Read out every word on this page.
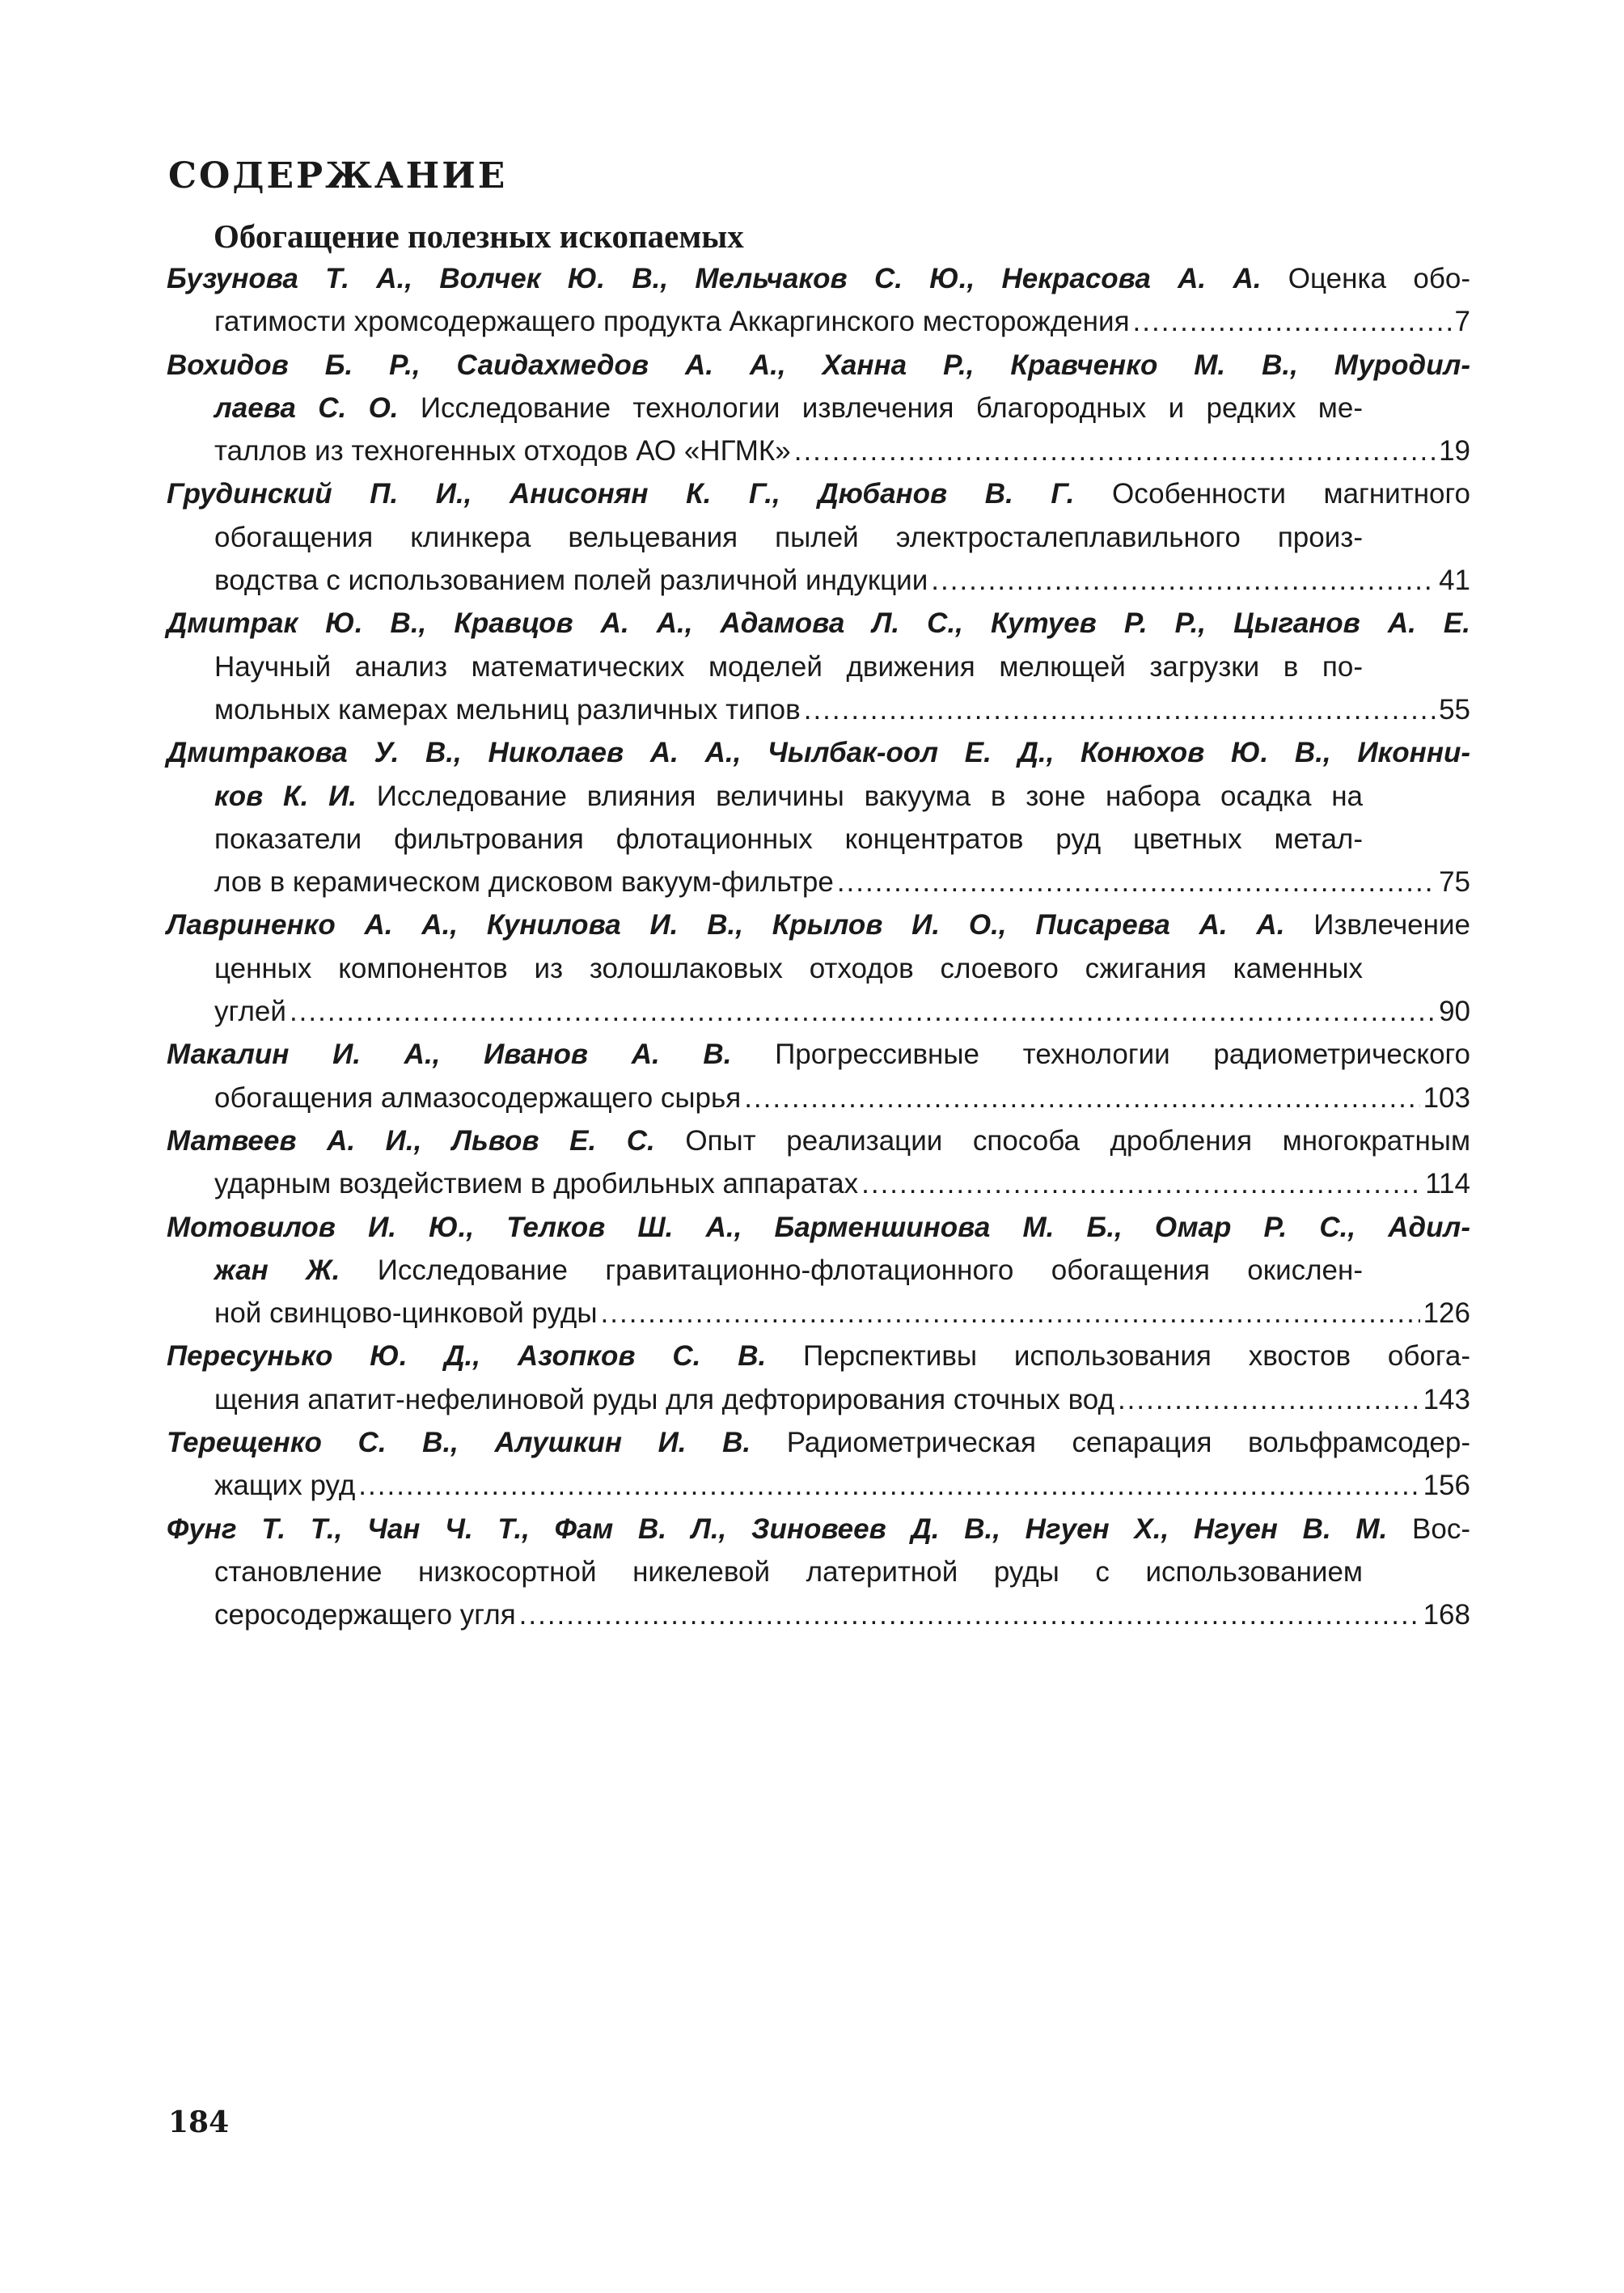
СОДЕРЖАНИЕ
Обогащение полезных ископаемых
Бузунова Т. А., Волчек Ю. В., Мельчаков С. Ю., Некрасова А. А. Оценка обо-
гатимости хромсодержащего продукта Аккаргинского месторождения .....	7
Вохидов Б. Р., Саидахмедов А. А., Ханна Р., Кравченко М. В., Муродил-
лаева С. О. Исследование технологии извлечения благородных и редких ме-
таллов из техногенных отходов АО «НГМК» .....	19
Грудинский П. И., Анисонян К. Г., Дюбанов В. Г. Особенности магнитного
обогащения клинкера вельцевания пылей электросталеплавильного произ-
водства с использованием полей различной индукции .....	41
Дмитрак Ю. В., Кравцов А. А., Адамова Л. С., Кутуев Р. Р., Цыганов А. Е.
Научный анализ математических моделей движения мелющей загрузки в по-
мольных камерах мельниц различных типов .....	55
Дмитракова У. В., Николаев А. А., Чылбак-оол Е. Д., Конюхов Ю. В., Иконни-
ков К. И. Исследование влияния величины вакуума в зоне набора осадка на
показатели фильтрования флотационных концентратов руд цветных метал-
лов в керамическом дисковом вакуум-фильтре .....	75
Лавриненко А. А., Кунилова И. В., Крылов И. О., Писарева А. А. Извлечение
ценных компонентов из золошлаковых отходов слоевого сжигания каменных
углей .....	90
Макалин И. А., Иванов А. В. Прогрессивные технологии радиометрического
обогащения алмазосодержащего сырья .....	103
Матвеев А. И., Львов Е. С. Опыт реализации способа дробления многократным
ударным воздействием в дробильных аппаратах .....	114
Мотовилов И. Ю., Телков Ш. А., Барменшинова М. Б., Омар Р. С., Адил-
жан Ж. Исследование гравитационно-флотационного обогащения окислен-
ной свинцово-цинковой руды .....	126
Пересунько Ю. Д., Азопков С. В. Перспективы использования хвостов обога-
щения апатит-нефелиновой руды для дефторирования сточных вод .....	143
Терещенко С. В., Алушкин И. В. Радиометрическая сепарация вольфрамсодер-
жащих руд .....	156
Фунг Т. Т., Чан Ч. Т., Фам В. Л., Зиновеев Д. В., Нгуен Х., Нгуен В. М. Вос-
становление низкосортной никелевой латеритной руды с использованием
серосодержащего угля .....	168
184
